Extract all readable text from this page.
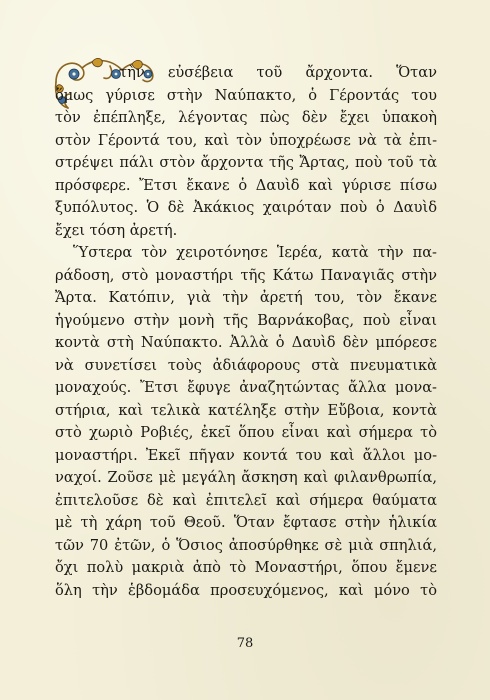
τὴν εὐσέβεια τοῦ ἄρχοντα. Ὅταν
ὅμως γύρισε στὴν Ναύπακτο, ὁ Γέροντάς του
τὸν ἐπέπληξε, λέγοντας πὼς δὲν ἔχει ὑπακοὴ
στὸν Γέροντά του, καὶ τὸν ὑποχρέωσε νὰ τὰ ἐπι-
στρέψει πάλι στὸν ἄρχοντα τῆς Ἄρτας, ποὺ τοῦ τὰ
πρόσφερε. Ἔτσι ἔκανε ὁ Δαυὶδ καὶ γύρισε πίσω
ξυπόλυτος. Ὁ δὲ Ἀκάκιος χαιρόταν ποὺ ὁ Δαυὶδ
ἔχει τόση ἀρετή.
Ὕστερα τὸν χειροτόνησε Ἱερέα, κατὰ τὴν πα-
ράδοση, στὸ μοναστήρι τῆς Κάτω Παναγιᾶς στὴν
Ἄρτα. Κατόπιν, γιὰ τὴν ἀρετή του, τὸν ἔκανε
ἡγούμενο στὴν μονὴ τῆς Βαρνάκοβας, ποὺ εἶναι
κοντὰ στὴ Ναύπακτο. Ἀλλὰ ὁ Δαυὶδ δὲν μπόρεσε
νὰ συνετίσει τοὺς ἀδιάφορους στὰ πνευματικὰ
μοναχούς. Ἔτσι ἔφυγε ἀναζητώντας ἄλλα μονα-
στήρια, καὶ τελικὰ κατέληξε στὴν Εὔβοια, κοντὰ
στὸ χωριὸ Ροβιές, ἐκεῖ ὅπου εἶναι καὶ σήμερα τὸ
μοναστήρι. Ἐκεῖ πῆγαν κοντά του καὶ ἄλλοι μο-
ναχοί. Ζοῦσε μὲ μεγάλη ἄσκηση καὶ φιλανθρωπία,
ἐπιτελοῦσε δὲ καὶ ἐπιτελεῖ καὶ σήμερα θαύματα
μὲ τὴ χάρη τοῦ Θεοῦ. Ὅταν ἔφτασε στὴν ἡλικία
τῶν 70 ἐτῶν, ὁ Ὅσιος ἀποσύρθηκε σὲ μιὰ σπηλιά,
ὄχι πολὺ μακριὰ ἀπὸ τὸ Μοναστήρι, ὅπου ἔμενε
ὅλη τὴν ἑβδομάδα προσευχόμενος, καὶ μόνο τὸ
78
